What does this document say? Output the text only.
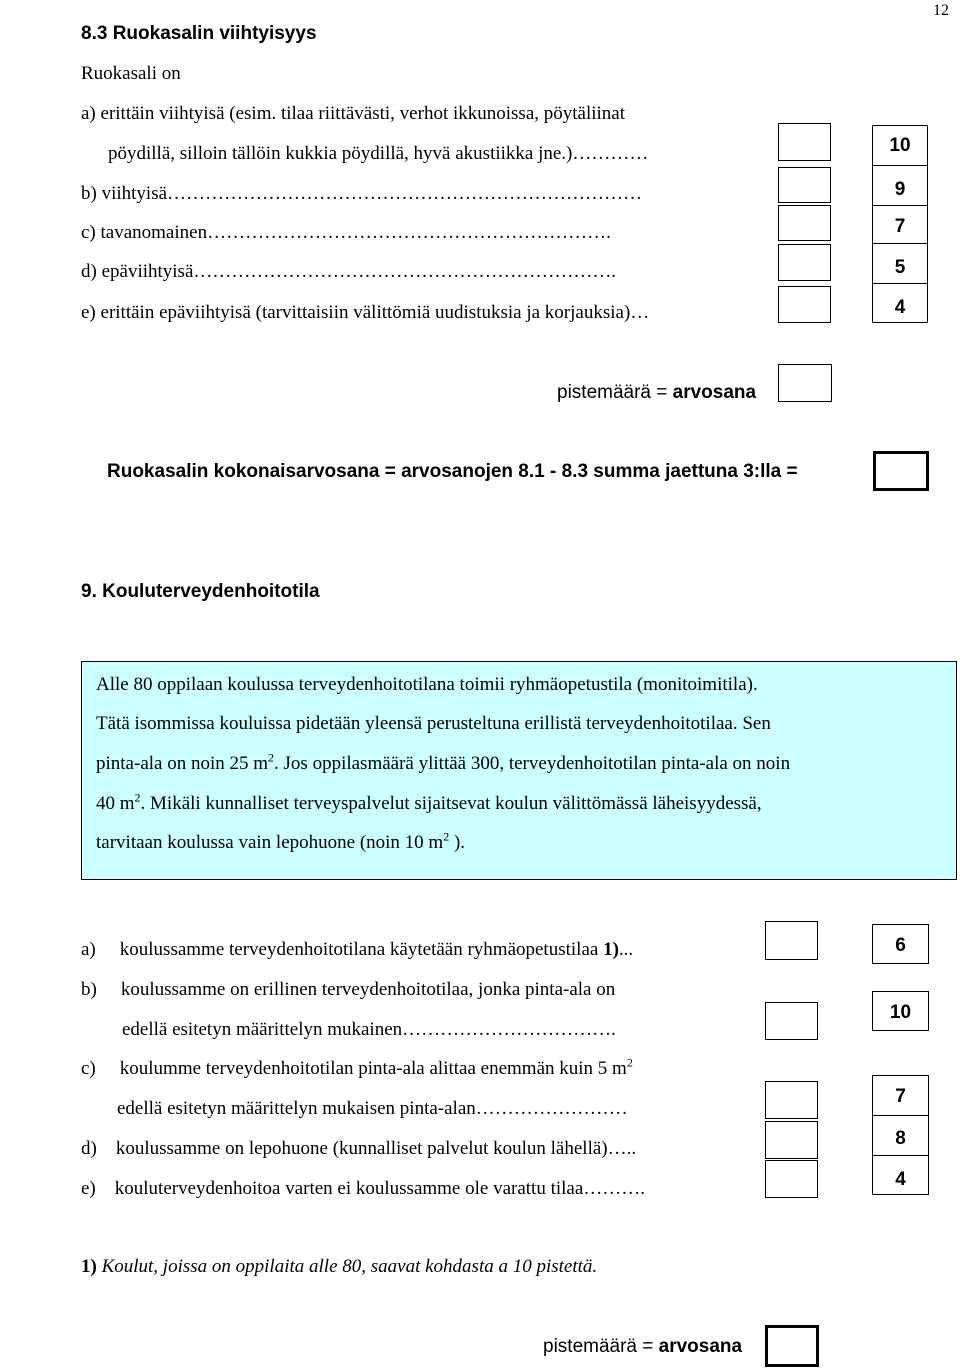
12
8.3 Ruokasalin viihtyisyys
Ruokasali on
a) erittäin viihtyisä (esim. tilaa riittävästi, verhot ikkunoissa, pöytäliinat
pöydillä, silloin tällöin kukkia pöydillä, hyvä akustiikka jne.)…………
b) viihtyisä…………………………………………………………………
c) tavanomainen……………………………………………………….
d) epäviihtyisä………………………………………………………….
e) erittäin epäviihtyisä (tarvittaisiin välittömiä uudistuksia ja korjauksia)…
10
9
7
5
4
pistemäärä = arvosana
Ruokasalin kokonaisarvosana = arvosanojen 8.1 - 8.3 summa jaettuna 3:lla =
9. Kouluterveydenhoitotila
Alle 80 oppilaan koulussa terveydenhoitotilana toimii ryhmäopetustila (monitoimitila).
Tätä isommissa kouluissa pidetään yleensä perusteltuna erillistä terveydenhoitotilaa. Sen
pinta-ala on noin 25 $m^2$. Jos oppilasmäärä ylittää 300, terveydenhoitotilan pinta-ala on noin
40 $m^2$. Mikäli kunnalliset terveyspalvelut sijaitsevat koulun välittömässä läheisyydessä,
tarvitaan koulussa vain lepohuone (noin 10 $m^2$ ).
a) koulussamme terveydenhoitotilana käytetään ryhmäopetustilaa 1)...
b) koulussamme on erillinen terveydenhoitotilaa, jonka pinta-ala on
edellä esitetyn määrittelyn mukainen…………………………….
c) koulumme terveydenhoitotilan pinta-ala alittaa enemmän kuin 5 $m^2$
edellä esitetyn määrittelyn mukaisen pinta-alan……………………
d) koulussamme on lepohuone (kunnalliset palvelut koulun lähellä)…..
e) kouluterveydenhoitoa varten ei koulussamme ole varattu tilaa……….
6
10
7
8
4
1) Koulut, joissa on oppilaita alle 80, saavat kohdasta a 10 pistettä.
pistemäärä = arvosana
